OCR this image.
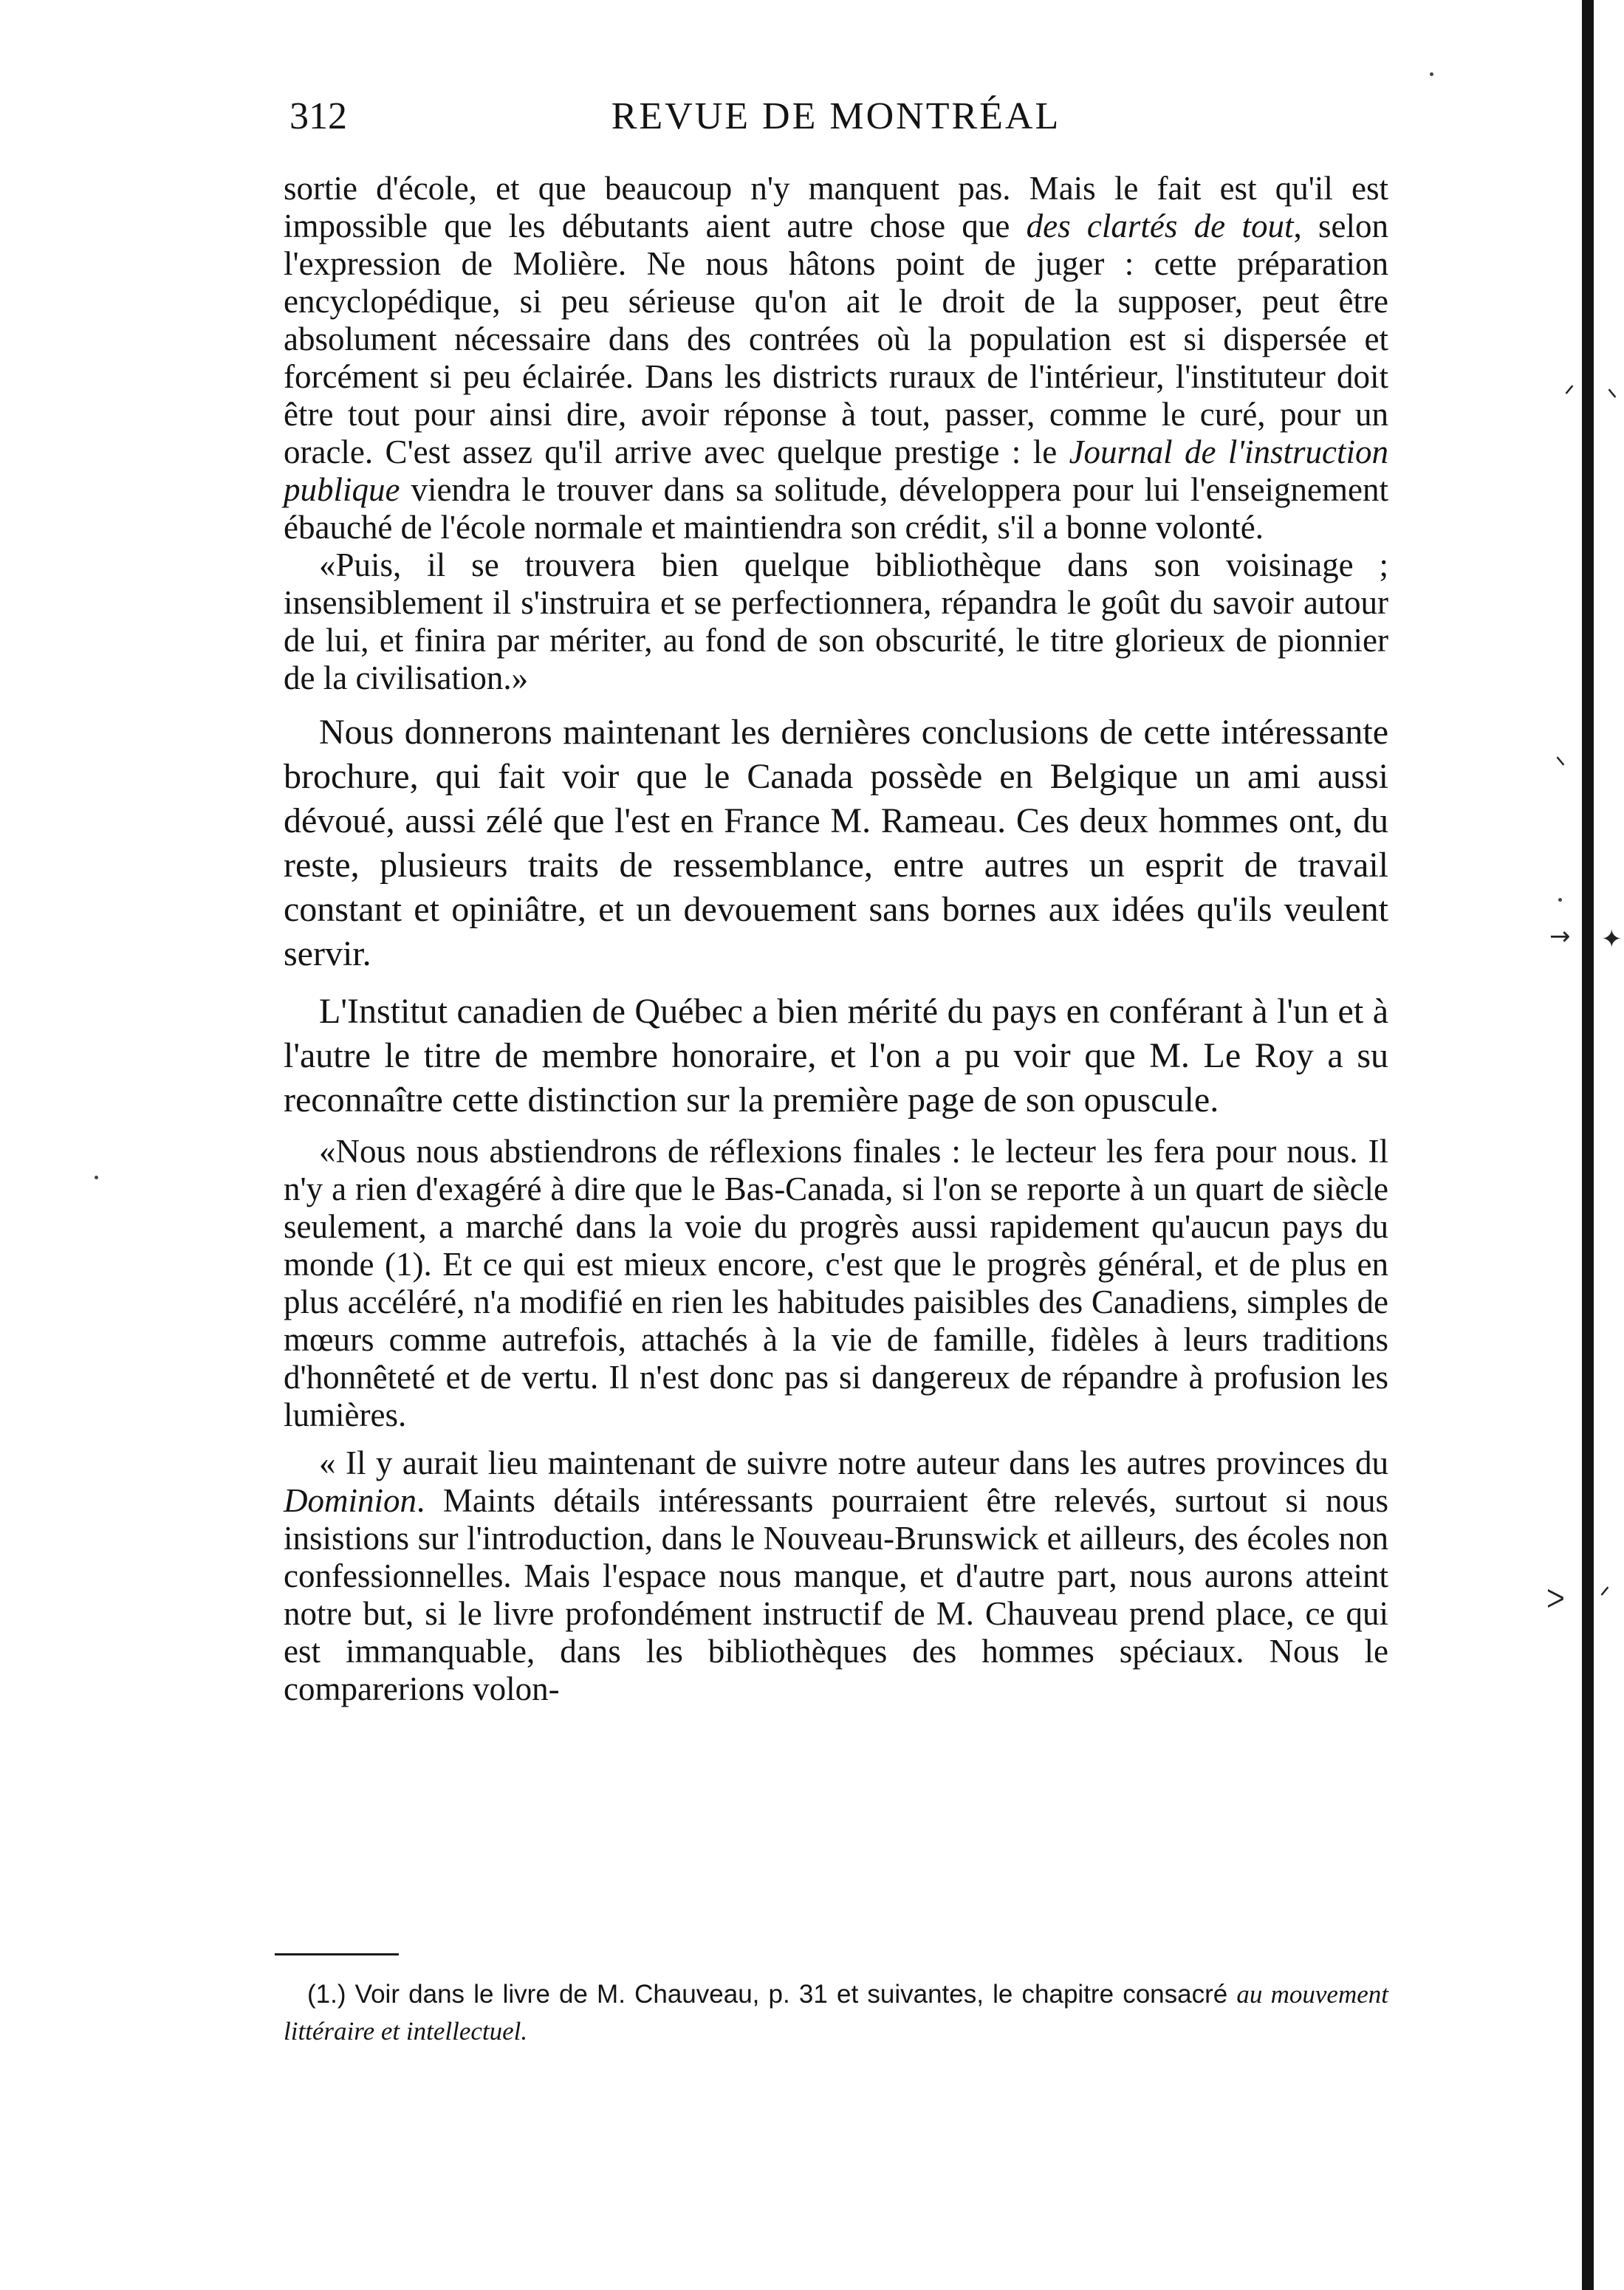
312	REVUE DE MONTRÉAL

sortie d'école, et que beaucoup n'y manquent pas. Mais le fait est qu'il est impossible que les débutants aient autre chose que des clartés de tout, selon l'expression de Molière. Ne nous hâtons point de juger : cette préparation encyclopédique, si peu sérieuse qu'on ait le droit de la supposer, peut être absolument nécessaire dans des contrées où la population est si dispersée et forcément si peu éclairée. Dans les districts ruraux de l'intérieur, l'instituteur doit être tout pour ainsi dire, avoir réponse à tout, passer, comme le curé, pour un oracle. C'est assez qu'il arrive avec quelque prestige : le Journal de l'instruction publique viendra le trouver dans sa solitude, développera pour lui l'enseignement ébauché de l'école normale et maintiendra son crédit, s'il a bonne volonté.

«Puis, il se trouvera bien quelque bibliothèque dans son voisinage ; insensiblement il s'instruira et se perfectionnera, répandra le goût du savoir autour de lui, et finira par mériter, au fond de son obscurité, le titre glorieux de pionnier de la civilisation.»

Nous donnerons maintenant les dernières conclusions de cette intéressante brochure, qui fait voir que le Canada possède en Belgique un ami aussi dévoué, aussi zélé que l'est en France M. Rameau. Ces deux hommes ont, du reste, plusieurs traits de ressemblance, entre autres un esprit de travail constant et opiniâtre, et un devouement sans bornes aux idées qu'ils veulent servir.

L'Institut canadien de Québec a bien mérité du pays en conférant à l'un et à l'autre le titre de membre honoraire, et l'on a pu voir que M. Le Roy a su reconnaître cette distinction sur la première page de son opuscule.

«Nous nous abstiendrons de réflexions finales : le lecteur les fera pour nous. Il n'y a rien d'exagéré à dire que le Bas-Canada, si l'on se reporte à un quart de siècle seulement, a marché dans la voie du progrès aussi rapidement qu'aucun pays du monde (1). Et ce qui est mieux encore, c'est que le progrès général, et de plus en plus accéléré, n'a modifié en rien les habitudes paisibles des Canadiens, simples de mœurs comme autrefois, attachés à la vie de famille, fidèles à leurs traditions d'honnêteté et de vertu. Il n'est donc pas si dangereux de répandre à profusion les lumières.

« Il y aurait lieu maintenant de suivre notre auteur dans les autres provinces du Dominion. Maints détails intéressants pourraient être relevés, surtout si nous insistions sur l'introduction, dans le Nouveau-Brunswick et ailleurs, des écoles non confessionnelles. Mais l'espace nous manque, et d'autre part, nous aurons atteint notre but, si le livre profondément instructif de M. Chauveau prend place, ce qui est immanquable, dans les bibliothèques des hommes spéciaux. Nous le comparerions volon-

(1.) Voir dans le livre de M. Chauveau, p. 31 et suivantes, le chapitre consacré au mouvement littéraire et intellectuel.
ᐟ ᐠ
ᐠ
→ ✦
ᐳ ᐟ
